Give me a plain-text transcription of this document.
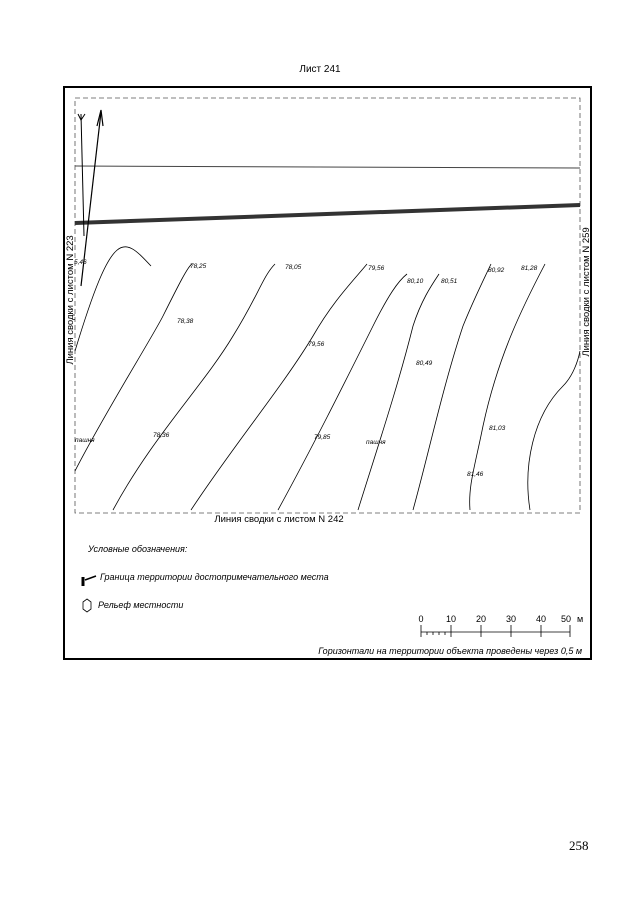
Лист 241
78,25	78,05	79,56
80,10	80,51
80,92	81,28
78,38
79,56
80,49
78,36	79,85
81,03
81,46
5,46
пашня	пашня
Линия сводки с листом N 223	Линия сводки с листом N 259
Линия сводки с листом N 242
Условные обозначения:
Граница территории достопримечательного места
Рельеф местности
0 10 20 30 40 50 м
Горизонтали на территории объекта проведены через 0,5 м
258
